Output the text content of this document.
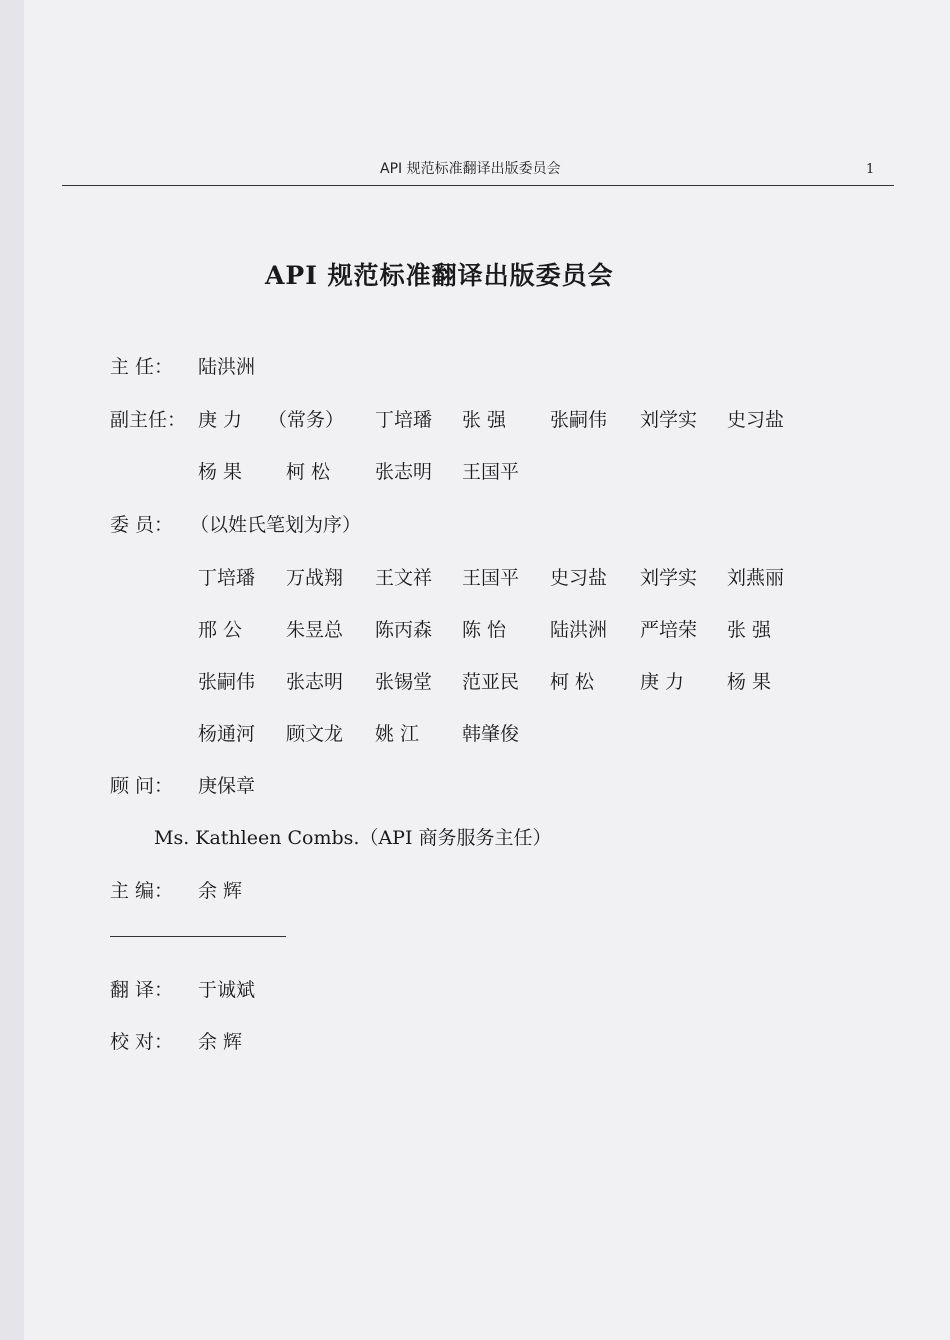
API 规范标准翻译出版委员会	1
API 规范标准翻译出版委员会
主 任： 陆洪洲
副主任： 庚 力 （常务） 丁培璠 张 强 张嗣伟 刘学实 史习盐
杨 果 柯 松 张志明 王国平
委 员： （以姓氏笔划为序）
丁培璠 万战翔 王文祥 王国平 史习盐 刘学实 刘燕丽
邢 公 朱昱总 陈丙森 陈 怡 陆洪洲 严培荣 张 强
张嗣伟 张志明 张锡堂 范亚民 柯 松 庚 力 杨 果
杨通河 顾文龙 姚 江 韩肇俊
顾 问： 庚保章
Ms. Kathleen Combs.（API 商务服务主任）
主 编： 余 辉
翻 译： 于诚斌
校 对： 余 辉
